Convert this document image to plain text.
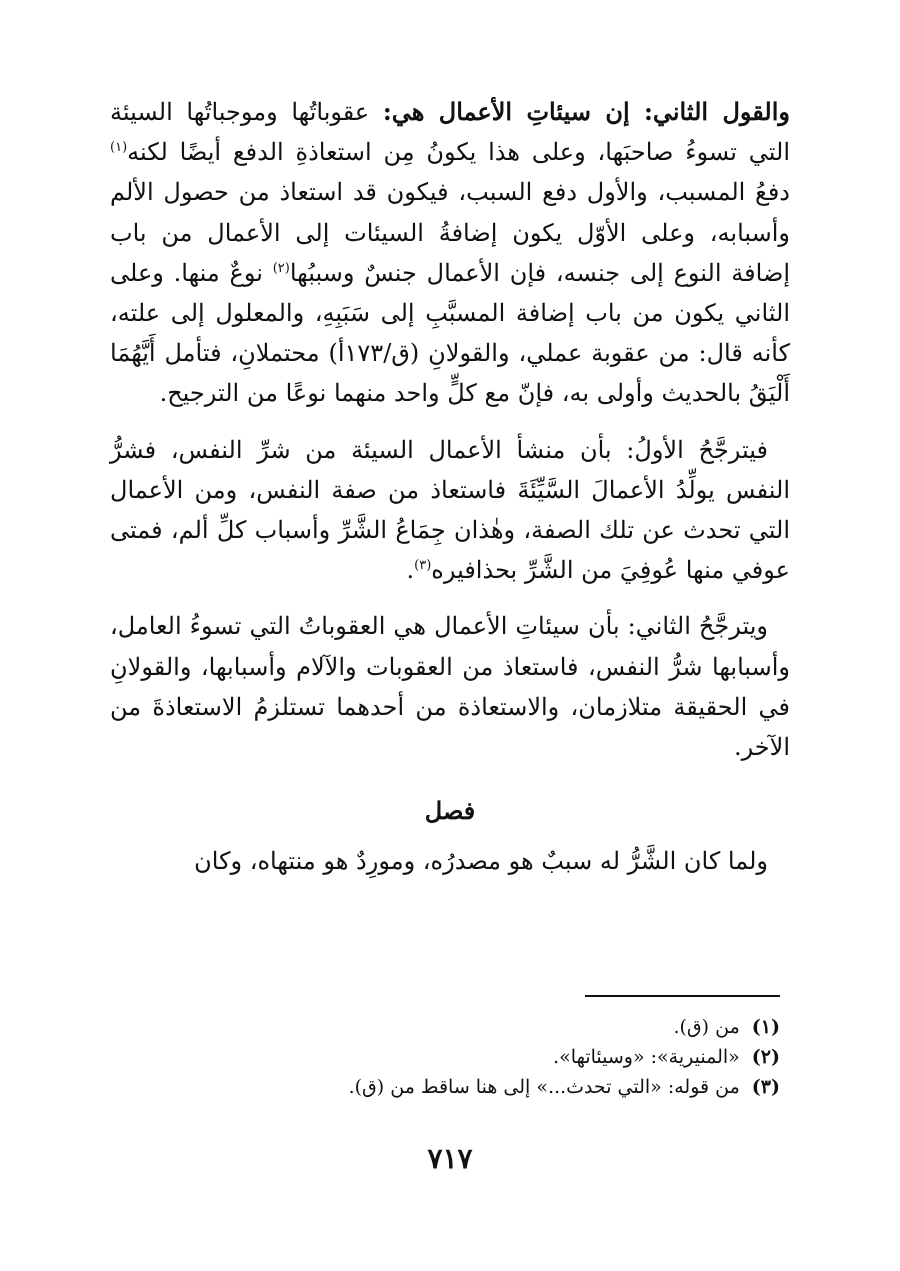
والقول الثاني: إن سيئاتِ الأعمال هي: عقوباتُها وموجباتُها السيئة التي تسوءُ صاحبَها، وعلى هذا يكونُ مِن استعاذةِ الدفع أيضًا لكنه$^{(١)}$ دفعُ المسبب، والأول دفع السبب، فيكون قد استعاذ من حصول الألم وأسبابه، وعلى الأوّل يكون إضافةُ السيئات إلى الأعمال من باب إضافة النوع إلى جنسه، فإن الأعمال جنسٌ وسببُها$^{(٢)}$ نوعٌ منها. وعلى الثاني يكون من باب إضافة المسبَّبِ إلى سَبَبِهِ، والمعلول إلى علته، كأنه قال: من عقوبة عملي، والقولانِ (ق/١٧٣أ) محتملانِ، فتأمل أَيَّهُمَا أَلْيَقُ بالحديث وأولى به، فإنّ مع كلٍّ واحد منهما نوعًا من الترجيح.

فيترجَّحُ الأولُ: بأن منشأ الأعمال السيئة من شرِّ النفس، فشرُّ النفس يولِّدُ الأعمالَ السَّيِّئَةَ فاستعاذ من صفة النفس، ومن الأعمال التي تحدث عن تلك الصفة، وهٰذان جِمَاعُ الشَّرِّ وأسباب كلِّ ألم، فمتى عوفي منها عُوفِيَ من الشَّرِّ بحذافيره$^{(٣)}$.

ويترجَّحُ الثاني: بأن سيئاتِ الأعمال هي العقوباتُ التي تسوءُ العامل، وأسبابها شرُّ النفس، فاستعاذ من العقوبات والآلام وأسبابها، والقولانِ في الحقيقة متلازمان، والاستعاذة من أحدهما تستلزمُ الاستعاذةَ من الآخر.

فصل

ولما كان الشَّرُّ له سببٌ هو مصدرُه، ومورِدٌ هو منتهاه، وكان

(١)من (ق).
(٢)«المنيرية»: «وسيئاتها».
(٣)من قوله: «التي تحدث...» إلى هنا ساقط من (ق).
٧١٧
